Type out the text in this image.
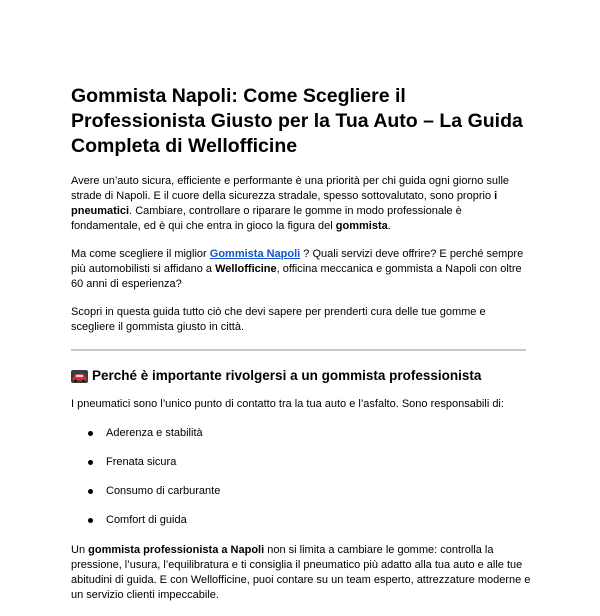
Gommista Napoli: Come Scegliere il Professionista Giusto per la Tua Auto – La Guida Completa di Wellofficine

Avere un’auto sicura, efficiente e performante è una priorità per chi guida ogni giorno sulle strade di Napoli. E il cuore della sicurezza stradale, spesso sottovalutato, sono proprio i pneumatici. Cambiare, controllare o riparare le gomme in modo professionale è fondamentale, ed è qui che entra in gioco la figura del gommista.

Ma come scegliere il miglior Gommista Napoli ? Quali servizi deve offrire? E perché sempre più automobilisti si affidano a Wellofficine, officina meccanica e gommista a Napoli con oltre 60 anni di esperienza?

Scopri in questa guida tutto ciò che devi sapere per prenderti cura delle tue gomme e scegliere il gommista giusto in città.

Perché è importante rivolgersi a un gommista professionista

I pneumatici sono l’unico punto di contatto tra la tua auto e l’asfalto. Sono responsabili di:

Aderenza e stabilità
Frenata sicura
Consumo di carburante
Comfort di guida

Un gommista professionista a Napoli non si limita a cambiare le gomme: controlla la pressione, l’usura, l’equilibratura e ti consiglia il pneumatico più adatto alla tua auto e alle tue abitudini di guida. E con Wellofficine, puoi contare su un team esperto, attrezzature moderne e un servizio clienti impeccabile.
